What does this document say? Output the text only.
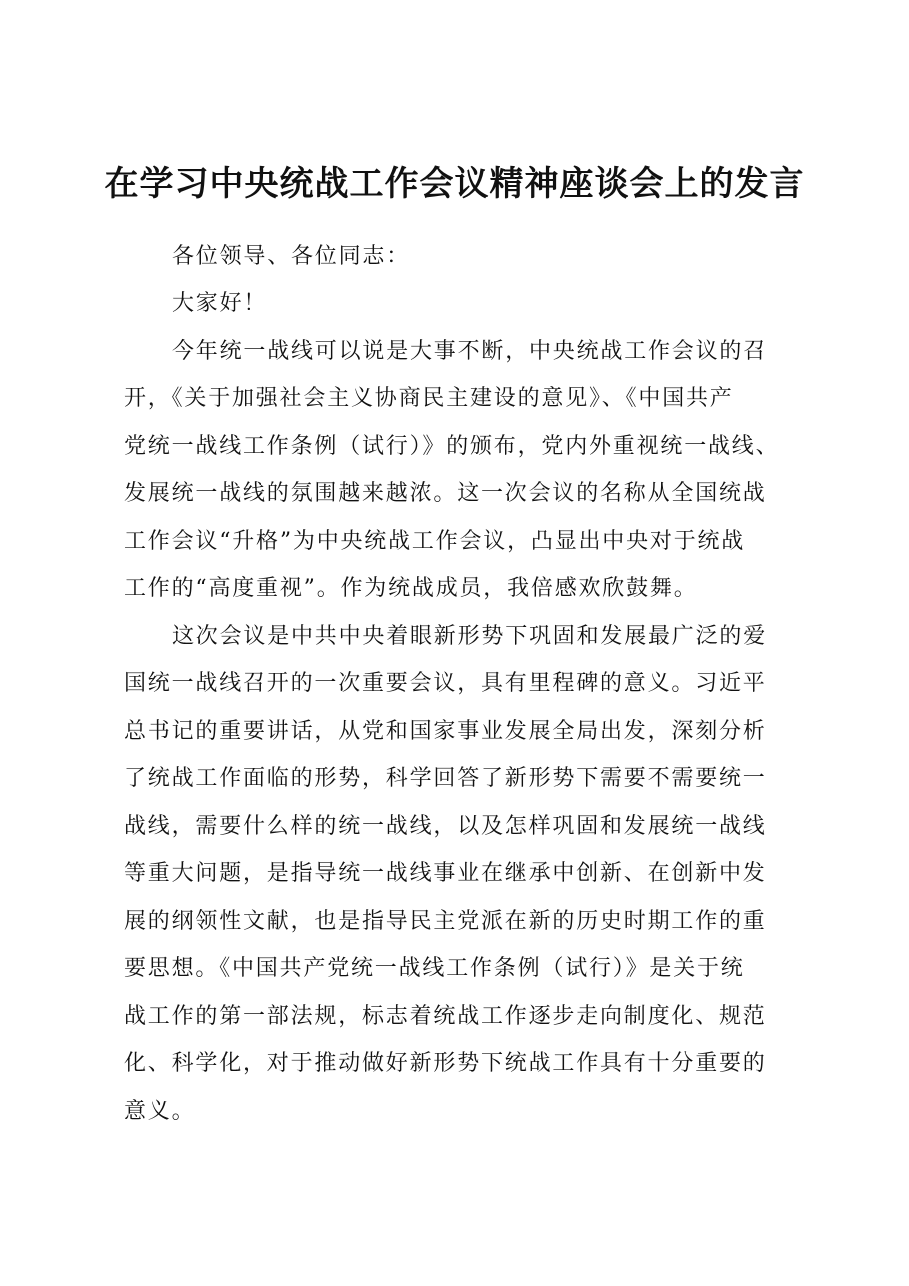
在学习中央统战工作会议精神座谈会上的发言
各位领导、各位同志：
大家好！
今年统一战线可以说是大事不断，中央统战工作会议的召
开，《关于加强社会主义协商民主建设的意见》、《中国共产
党统一战线工作条例（试行）》的颁布，党内外重视统一战线、
发展统一战线的氛围越来越浓。这一次会议的名称从全国统战
工作会议“升格”为中央统战工作会议，凸显出中央对于统战
工作的“高度重视”。作为统战成员，我倍感欢欣鼓舞。
这次会议是中共中央着眼新形势下巩固和发展最广泛的爱
国统一战线召开的一次重要会议，具有里程碑的意义。习近平
总书记的重要讲话，从党和国家事业发展全局出发，深刻分析
了统战工作面临的形势，科学回答了新形势下需要不需要统一
战线，需要什么样的统一战线，以及怎样巩固和发展统一战线
等重大问题，是指导统一战线事业在继承中创新、在创新中发
展的纲领性文献，也是指导民主党派在新的历史时期工作的重
要思想。《中国共产党统一战线工作条例（试行）》是关于统
战工作的第一部法规，标志着统战工作逐步走向制度化、规范
化、科学化，对于推动做好新形势下统战工作具有十分重要的
意义。
